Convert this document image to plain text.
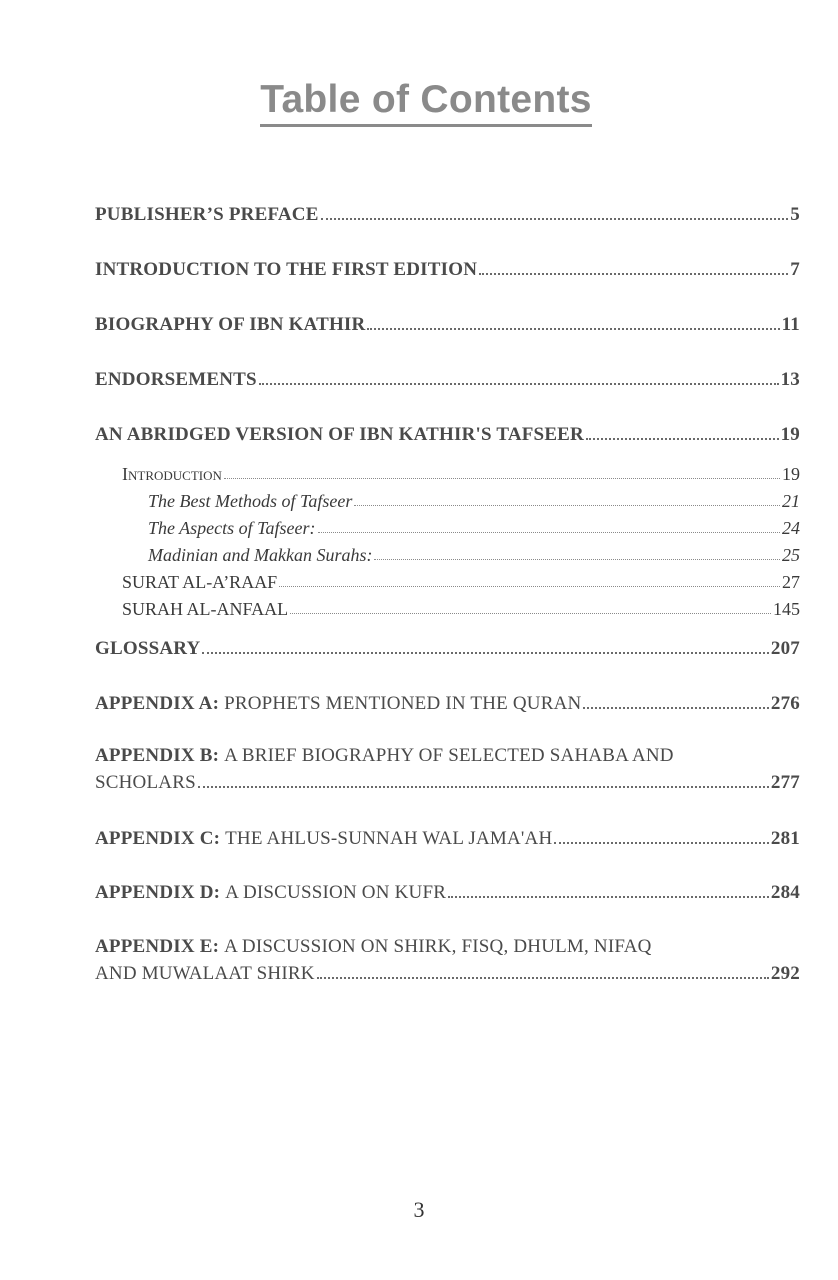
Table of Contents
PUBLISHER’S PREFACE	5
INTRODUCTION TO THE FIRST EDITION	7
BIOGRAPHY OF IBN KATHIR	11
ENDORSEMENTS	13
AN ABRIDGED VERSION OF IBN KATHIR'S TAFSEER	19
Introduction	19
The Best Methods of Tafseer	21
The Aspects of Tafseer:	24
Madinian and Makkan Surahs:	25
SURAT AL-A’RAAF	27
SURAH AL-ANFAAL	145
GLOSSARY	207
APPENDIX A: PROPHETS MENTIONED IN THE QURAN	276
APPENDIX B: A BRIEF BIOGRAPHY OF SELECTED SAHABA AND
SCHOLARS	277
APPENDIX C: THE AHLUS-SUNNAH WAL JAMA'AH	281
APPENDIX D: A DISCUSSION ON KUFR	284
APPENDIX E: A DISCUSSION ON SHIRK, FISQ, DHULM, NIFAQ
AND MUWALAAT SHIRK	292
3
